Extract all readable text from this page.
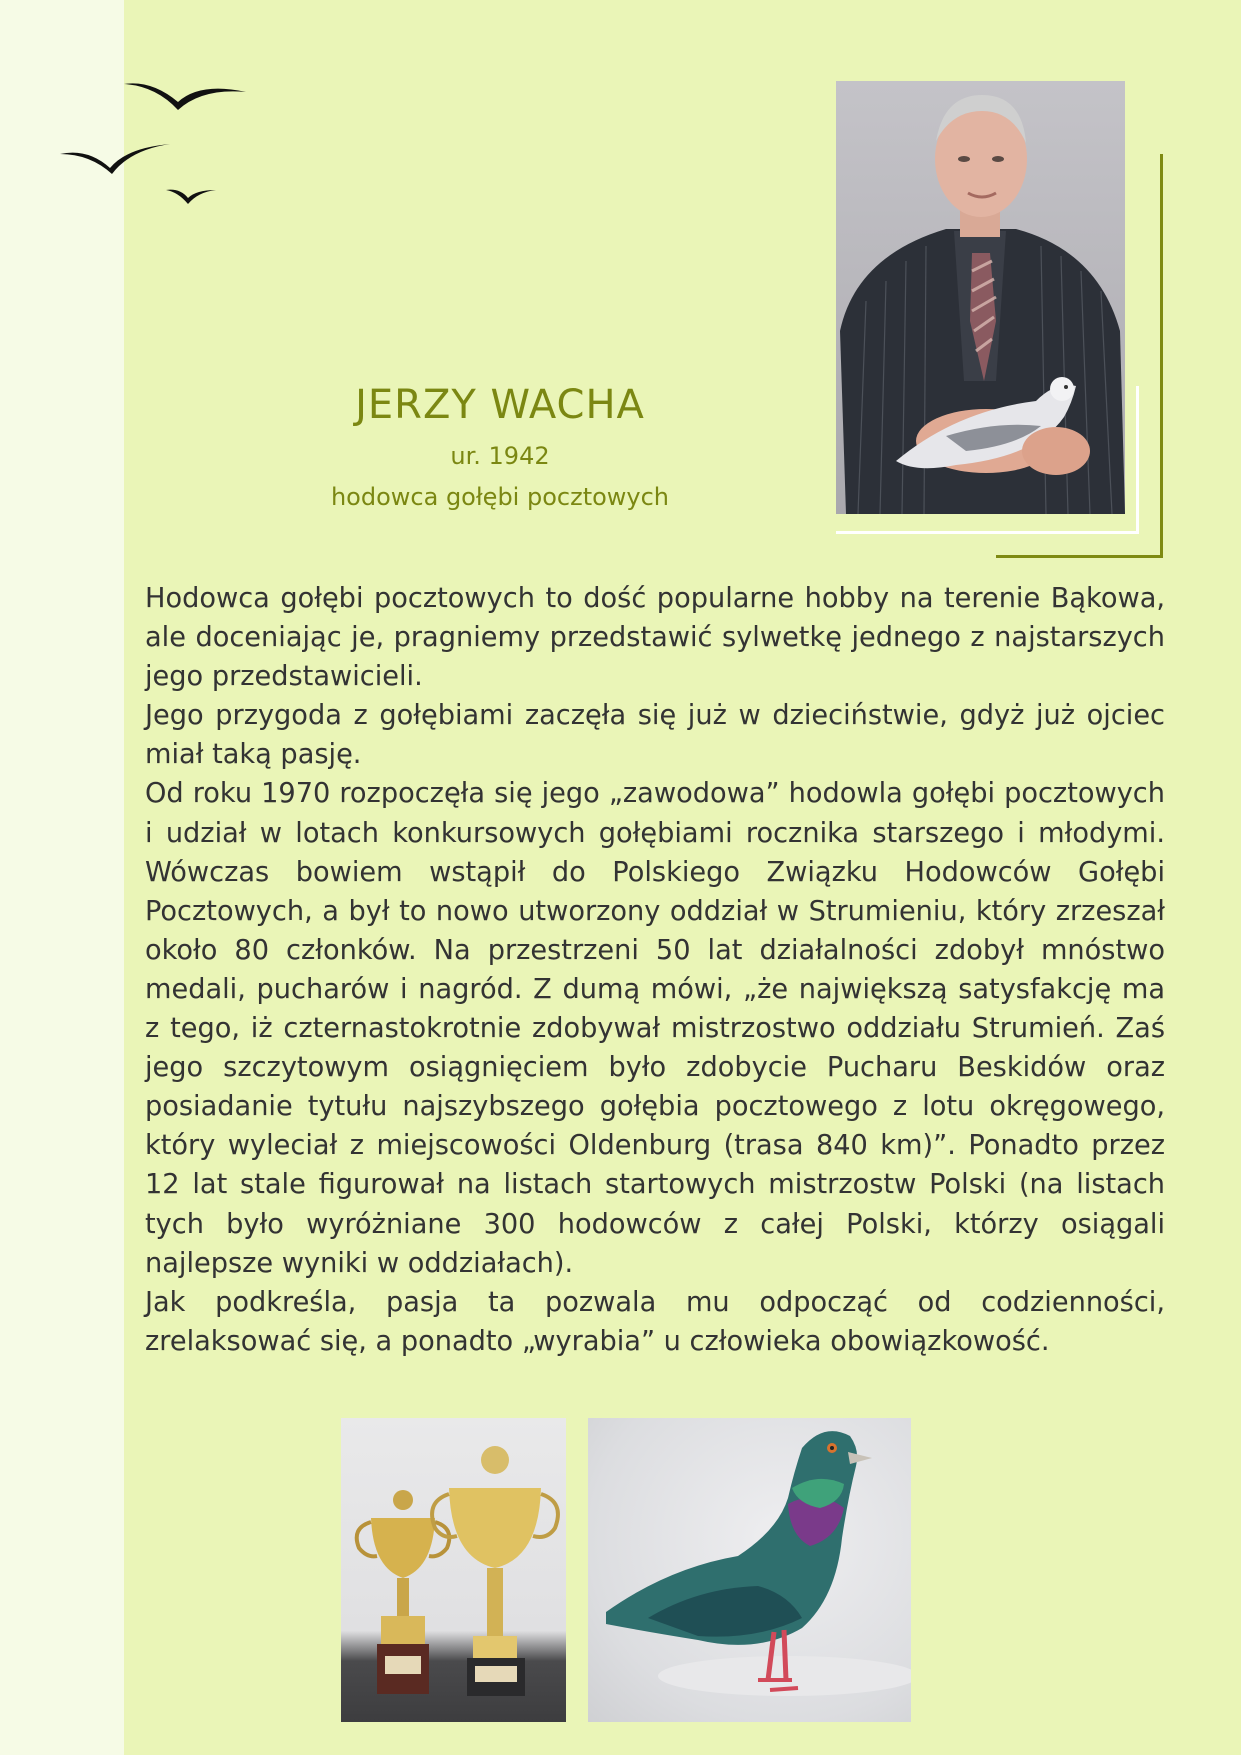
JERZY WACHA
ur. 1942
hodowca gołębi pocztowych

Hodowca gołębi pocztowych to dość popularne hobby na terenie Bąkowa, ale doceniając je, pragniemy przedstawić sylwetkę jednego z najstarszych jego przedstawicieli.

Jego przygoda z gołębiami zaczęła się już w dzieciństwie, gdyż już ojciec miał taką pasję.

Od roku 1970 rozpoczęła się jego „zawodowa” hodowla gołębi pocztowych i udział w lotach konkursowych gołębiami rocznika starszego i młodymi. Wówczas bowiem wstąpił do Polskiego Związku Hodowców Gołębi Pocztowych, a był to nowo utworzony oddział w Strumieniu, który zrzeszał około 80 członków. Na przestrzeni 50 lat działalności zdobył mnóstwo medali, pucharów i nagród. Z dumą mówi, „że największą satysfakcję ma z tego, iż czternastokrotnie zdobywał mistrzostwo oddziału Strumień. Zaś jego szczytowym osiągnięciem było zdobycie Pucharu Beskidów oraz posiadanie tytułu najszybszego gołębia pocztowego z lotu okręgowego, który wyleciał z miejscowości Oldenburg (trasa 840 km)”. Ponadto przez 12 lat stale figurował na listach startowych mistrzostw Polski (na listach tych było wyróżniane 300 hodowców z całej Polski, którzy osiągali najlepsze wyniki w oddziałach).

Jak podkreśla, pasja ta pozwala mu odpocząć od codzienności, zrelaksować się, a ponadto „wyrabia” u człowieka obowiązkowość.
